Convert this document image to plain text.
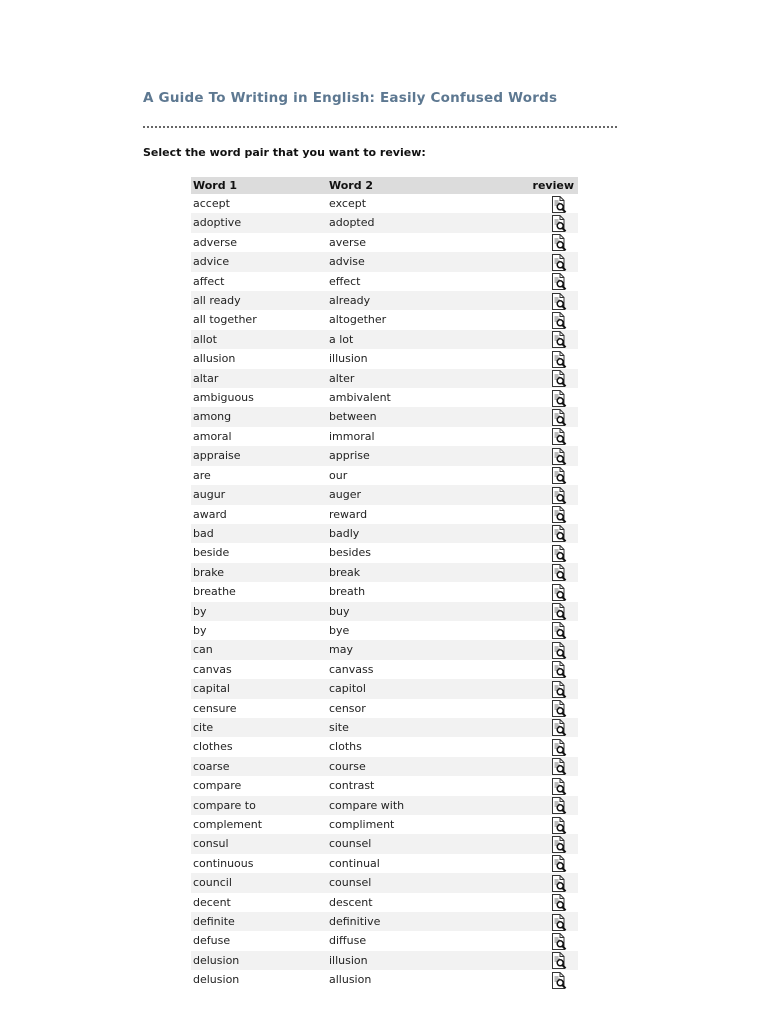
A Guide To Writing in English: Easily Confused Words
Select the word pair that you want to review:
Word 1	Word 2	review
accept	except	

adoptive	adopted	

adverse	averse	

advice	advise	

affect	effect	

all ready	already	

all together	altogether	

allot	a lot	

allusion	illusion	

altar	alter	

ambiguous	ambivalent	

among	between	

amoral	immoral	

appraise	apprise	

are	our	

augur	auger	

award	reward	

bad	badly	

beside	besides	

brake	break	

breathe	breath	

by	buy	

by	bye	

can	may	

canvas	canvass	

capital	capitol	

censure	censor	

cite	site	

clothes	cloths	

coarse	course	

compare	contrast	

compare to	compare with	

complement	compliment	

consul	counsel	

continuous	continual	

council	counsel	

decent	descent	

definite	definitive	

defuse	diffuse	

delusion	illusion	

delusion	allusion	
